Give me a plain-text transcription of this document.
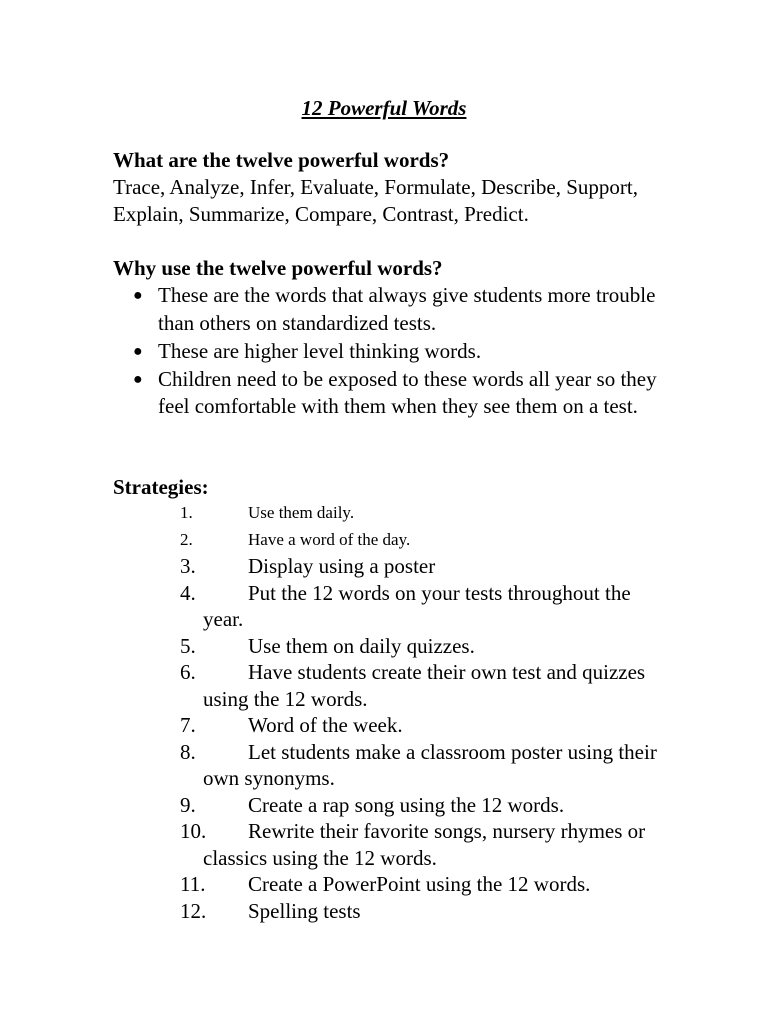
12 Powerful Words
What are the twelve powerful words?
Trace, Analyze, Infer, Evaluate, Formulate, Describe, Support, Explain, Summarize, Compare, Contrast, Predict.
Why use the twelve powerful words?
● These are the words that always give students more trouble than others on standardized tests.
● These are higher level thinking words.
● Children need to be exposed to these words all year so they feel comfortable with them when they see them on a test.
Strategies:
1.	Use them daily.
2.	Have a word of the day.
3. Display using a poster
4. Put the 12 words on your tests throughout the year.
5. Use them on daily quizzes.
6. Have students create their own test and quizzes using the 12 words.
7. Word of the week.
8. Let students make a classroom poster using their own synonyms.
9. Create a rap song using the 12 words.
10. Rewrite their favorite songs, nursery rhymes or classics using the 12 words.
11. Create a PowerPoint using the 12 words.
12. Spelling tests
